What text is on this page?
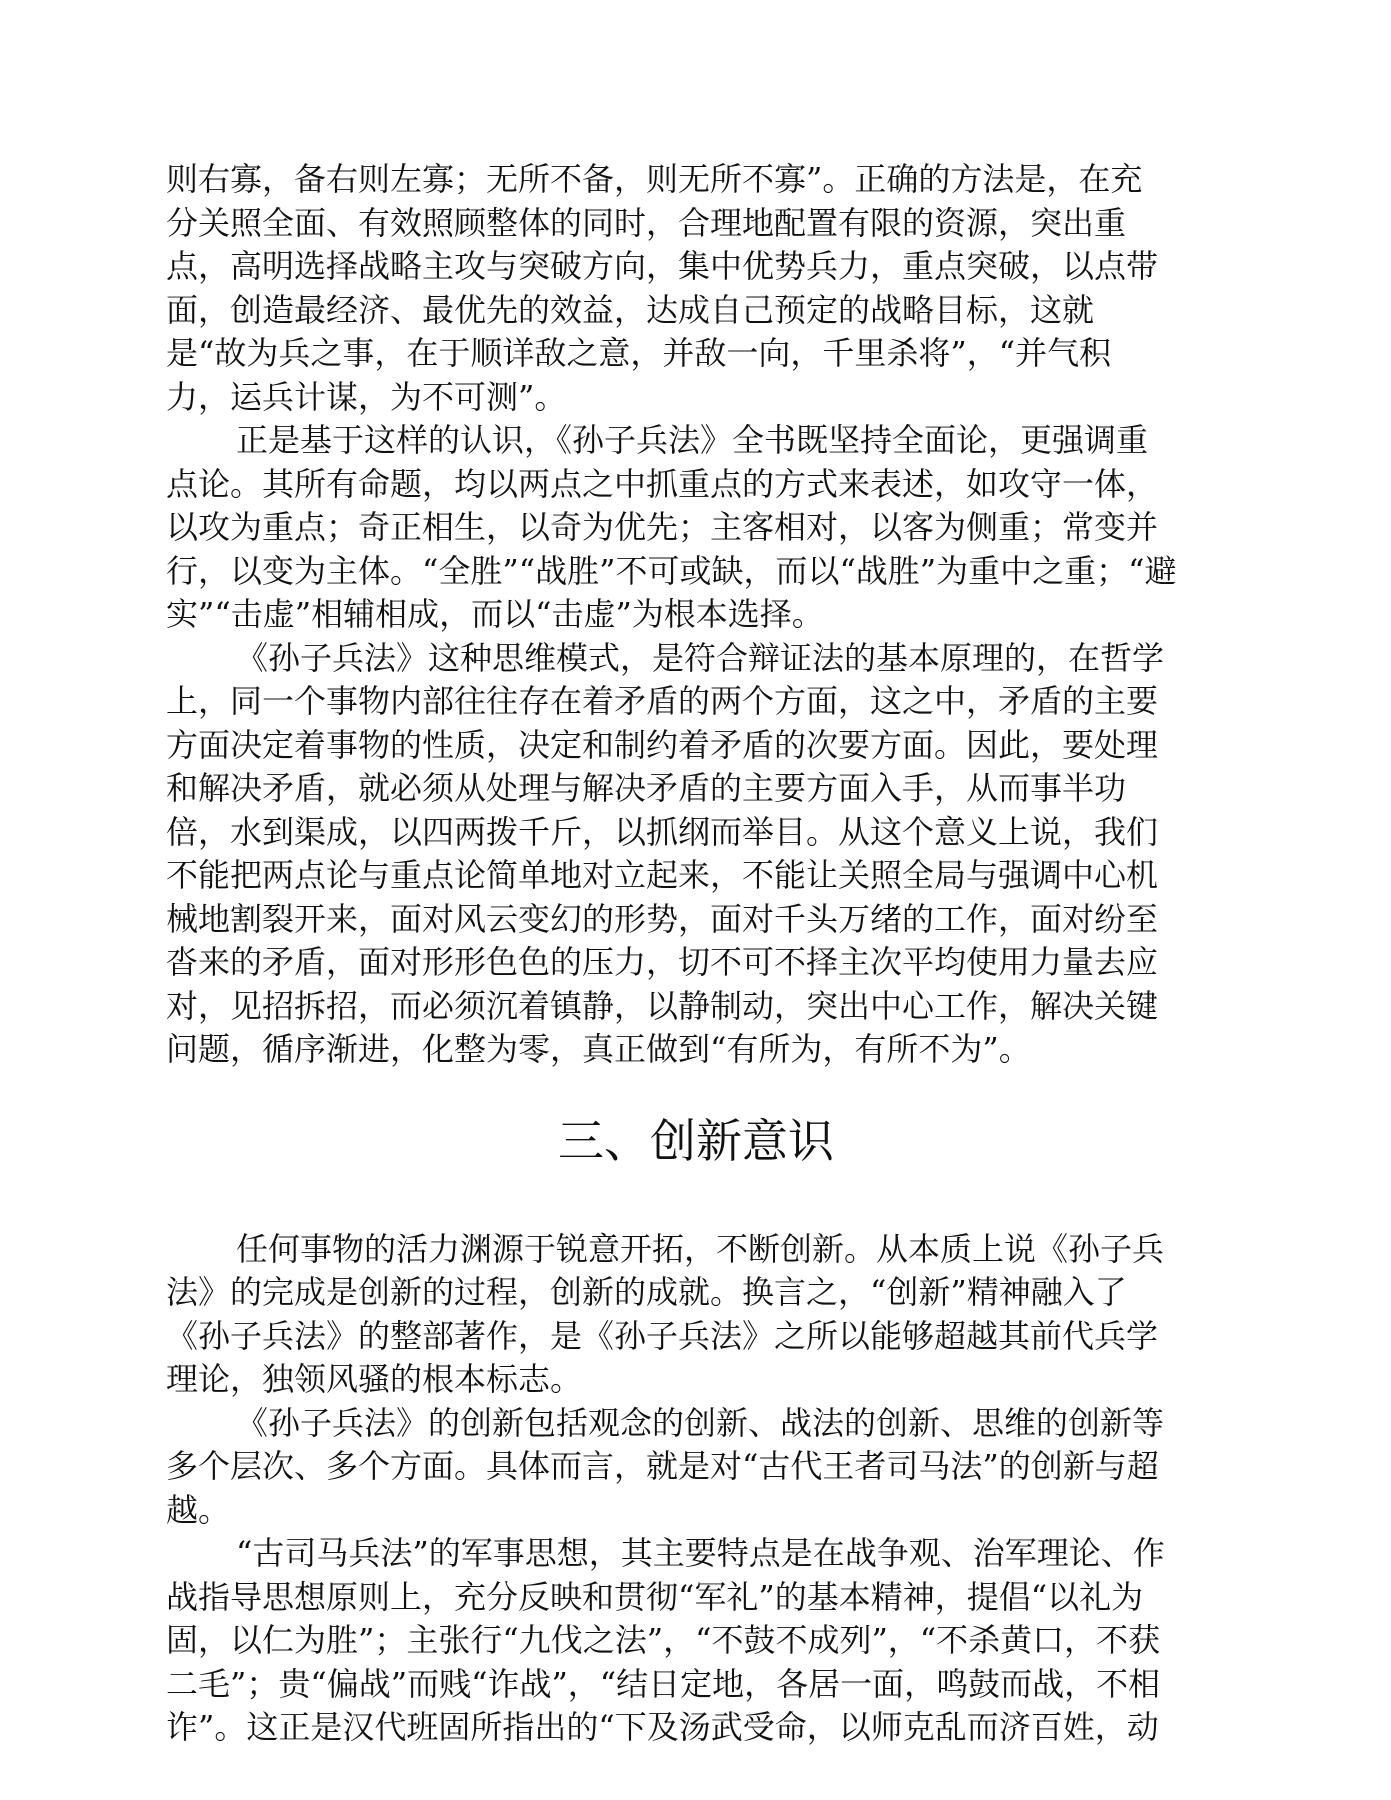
则右寡，备右则左寡；无所不备，则无所不寡”。正确的方法是，在充
分关照全面、有效照顾整体的同时，合理地配置有限的资源，突出重
点，高明选择战略主攻与突破方向，集中优势兵力，重点突破，以点带
面，创造最经济、最优先的效益，达成自己预定的战略目标，这就
是“故为兵之事，在于顺详敌之意，并敌一向，千里杀将”，“并气积
力，运兵计谋，为不可测”。
正是基于这样的认识，《孙子兵法》全书既坚持全面论，更强调重
点论。其所有命题，均以两点之中抓重点的方式来表述，如攻守一体，
以攻为重点；奇正相生，以奇为优先；主客相对，以客为侧重；常变并
行，以变为主体。“全胜”“战胜”不可或缺，而以“战胜”为重中之重；“避
实”“击虚”相辅相成，而以“击虚”为根本选择。
《孙子兵法》这种思维模式，是符合辩证法的基本原理的，在哲学
上，同一个事物内部往往存在着矛盾的两个方面，这之中，矛盾的主要
方面决定着事物的性质，决定和制约着矛盾的次要方面。因此，要处理
和解决矛盾，就必须从处理与解决矛盾的主要方面入手，从而事半功
倍，水到渠成，以四两拨千斤，以抓纲而举目。从这个意义上说，我们
不能把两点论与重点论简单地对立起来，不能让关照全局与强调中心机
械地割裂开来，面对风云变幻的形势，面对千头万绪的工作，面对纷至
沓来的矛盾，面对形形色色的压力，切不可不择主次平均使用力量去应
对，见招拆招，而必须沉着镇静，以静制动，突出中心工作，解决关键
问题，循序渐进，化整为零，真正做到“有所为，有所不为”。
三、创新意识
任何事物的活力渊源于锐意开拓，不断创新。从本质上说《孙子兵
法》的完成是创新的过程，创新的成就。换言之，“创新”精神融入了
《孙子兵法》的整部著作，是《孙子兵法》之所以能够超越其前代兵学
理论，独领风骚的根本标志。
《孙子兵法》的创新包括观念的创新、战法的创新、思维的创新等
多个层次、多个方面。具体而言，就是对“古代王者司马法”的创新与超
越。
“古司马兵法”的军事思想，其主要特点是在战争观、治军理论、作
战指导思想原则上，充分反映和贯彻“军礼”的基本精神，提倡“以礼为
固，以仁为胜”；主张行“九伐之法”，“不鼓不成列”，“不杀黄口，不获
二毛”；贵“偏战”而贱“诈战”，“结日定地，各居一面，鸣鼓而战，不相
诈”。这正是汉代班固所指出的“下及汤武受命，以师克乱而济百姓，动
